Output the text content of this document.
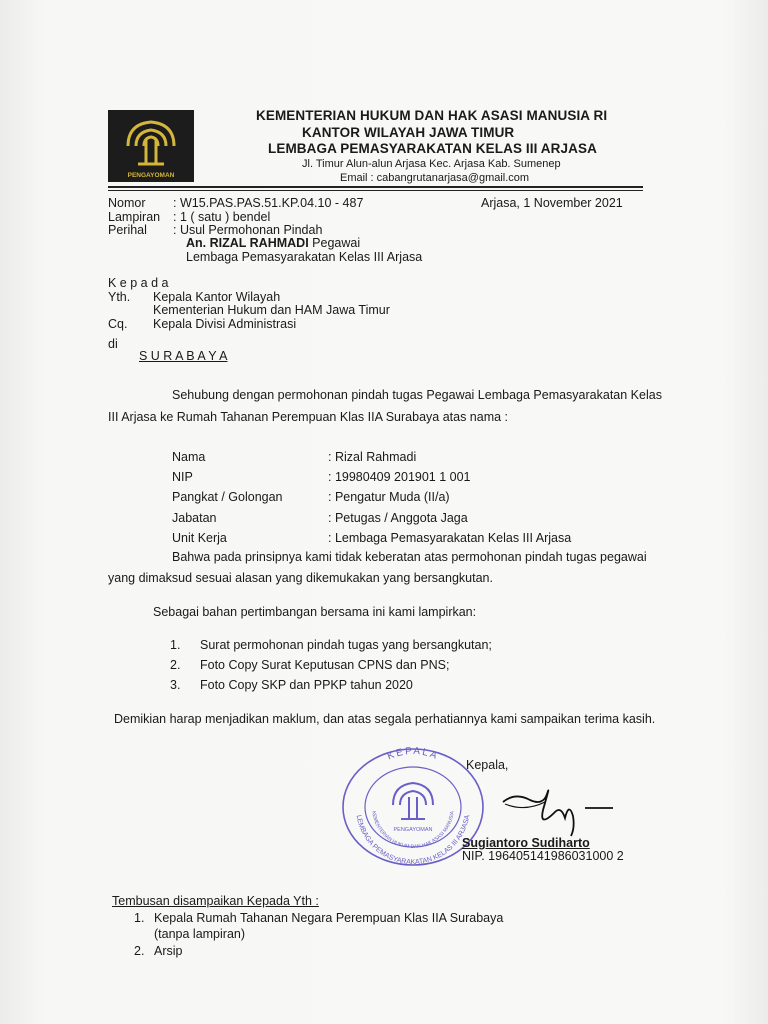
PENGAYOMAN
KEMENTERIAN HUKUM DAN HAK ASASI MANUSIA RI
KANTOR WILAYAH JAWA TIMUR
LEMBAGA PEMASYARAKATAN KELAS III ARJASA
Jl. Timur Alun-alun Arjasa Kec. Arjasa Kab. Sumenep
Email : cabangrutanarjasa@gmail.com
Nomor : W15.PAS.PAS.51.KP.04.10 - 487	Arjasa, 1 November 2021
Lampiran : 1 ( satu ) bendel
Perihal : Usul Permohonan Pindah
An. RIZAL RAHMADI Pegawai
Lembaga Pemasyarakatan Kelas III Arjasa
K e p a d a
Yth. Kepala Kantor Wilayah
Kementerian Hukum dan HAM Jawa Timur
Cq. Kepala Divisi Administrasi
di
S U R A B A Y A
Sehubung dengan permohonan pindah tugas Pegawai Lembaga Pemasyarakatan Kelas
III Arjasa ke Rumah Tahanan Perempuan Klas IIA Surabaya atas nama :
Nama	: Rizal Rahmadi
NIP	: 19980409 201901 1 001
Pangkat / Golongan	: Pengatur Muda (II/a)
Jabatan	: Petugas / Anggota Jaga
Unit Kerja	: Lembaga Pemasyarakatan Kelas III Arjasa
Bahwa pada prinsipnya kami tidak keberatan atas permohonan pindah tugas pegawai
yang dimaksud sesuai alasan yang dikemukakan yang bersangkutan.
Sebagai bahan pertimbangan bersama ini kami lampirkan:
1. Surat permohonan pindah tugas yang bersangkutan;
2. Foto Copy Surat Keputusan CPNS dan PNS;
3. Foto Copy SKP dan PPKP tahun 2020
Demikian harap menjadikan maklum, dan atas segala perhatiannya kami sampaikan terima kasih.
KEPALA
LEMBAGA PEMASYARAKATAN KELAS III ARJASA
KEMENTERIAN HUKUM DAN HAK ASASI MANUSIA
PENGAYOMAN
Kepala,
Sugiantoro Sudiharto
NIP. 196405141986031000 2
Tembusan disampaikan Kepada Yth :
1. Kepala Rumah Tahanan Negara Perempuan Klas IIA Surabaya
(tanpa lampiran)
2. Arsip
